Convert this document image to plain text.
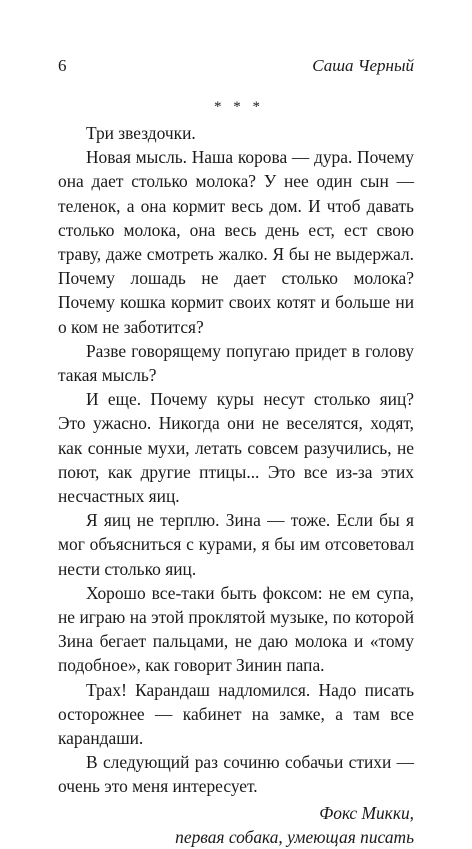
6	Саша Черный
* * *

Три звездочки.

Новая мысль. Наша корова — дура. Почему она дает столько молока? У нее один сын — теленок, а она кормит весь дом. И чтоб давать столько молока, она весь день ест, ест свою траву, даже смотреть жалко. Я бы не выдержал. Почему лошадь не дает столько молока? Почему кошка кормит своих котят и больше ни о ком не заботится?

Разве говорящему попугаю придет в голову такая мысль?

И еще. Почему куры несут столько яиц? Это ужасно. Никогда они не веселятся, ходят, как сонные мухи, летать совсем разучились, не поют, как другие птицы... Это все из-за этих несчастных яиц.

Я яиц не терплю. Зина — тоже. Если бы я мог объясниться с курами, я бы им отсоветовал нести столько яиц.

Хорошо все-таки быть фоксом: не ем супа, не играю на этой проклятой музыке, по которой Зина бегает пальцами, не даю молока и «тому подобное», как говорит Зинин папа.

Трах! Карандаш надломился. Надо писать осторожнее — кабинет на замке, а там все карандаши.

В следующий раз сочиню собачьи стихи — очень это меня интересует.

Фокс Микки,
первая собака, умеющая писать
